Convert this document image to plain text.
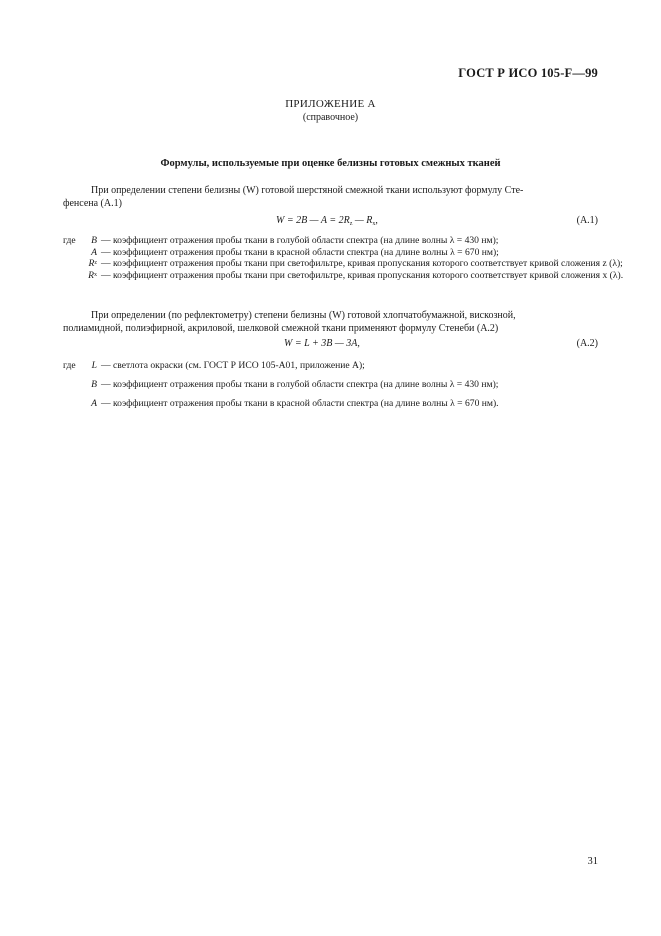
ГОСТ Р ИСО 105-F—99
ПРИЛОЖЕНИЕ А
(справочное)
Формулы, используемые при оценке белизны готовых смежных тканей
При определении степени белизны (W) готовой шерстяной смежной ткани используют формулу Сте-
фенсена (А.1)
W = 2B — $A = 2R_z$ — $R_x$,	(А.1)
где B — коэффициент отражения пробы ткани в голубой области спектра (на длине волны λ = 430 нм);
A — коэффициент отражения пробы ткани в красной области спектра (на длине волны λ = 670 нм);
R z — коэффициент отражения пробы ткани при светофильтре, кривая пропускания которого соответствует кривой сложения z (λ);
R x — коэффициент отражения пробы ткани при светофильтре, кривая пропускания которого соответствует кривой сложения x (λ).
При определении (по рефлектометру) степени белизны (W) готовой хлопчатобумажной, вискозной,
полиамидной, полиэфирной, акриловой, шелковой смежной ткани применяют формулу Стенеби (А.2)
W = L + 3B — 3A,	(А.2)
где L — светлота окраски (см. ГОСТ Р ИСО 105-А01, приложение А);
B — коэффициент отражения пробы ткани в голубой области спектра (на длине волны λ = 430 нм);
A — коэффициент отражения пробы ткани в красной области спектра (на длине волны λ = 670 нм).
31
